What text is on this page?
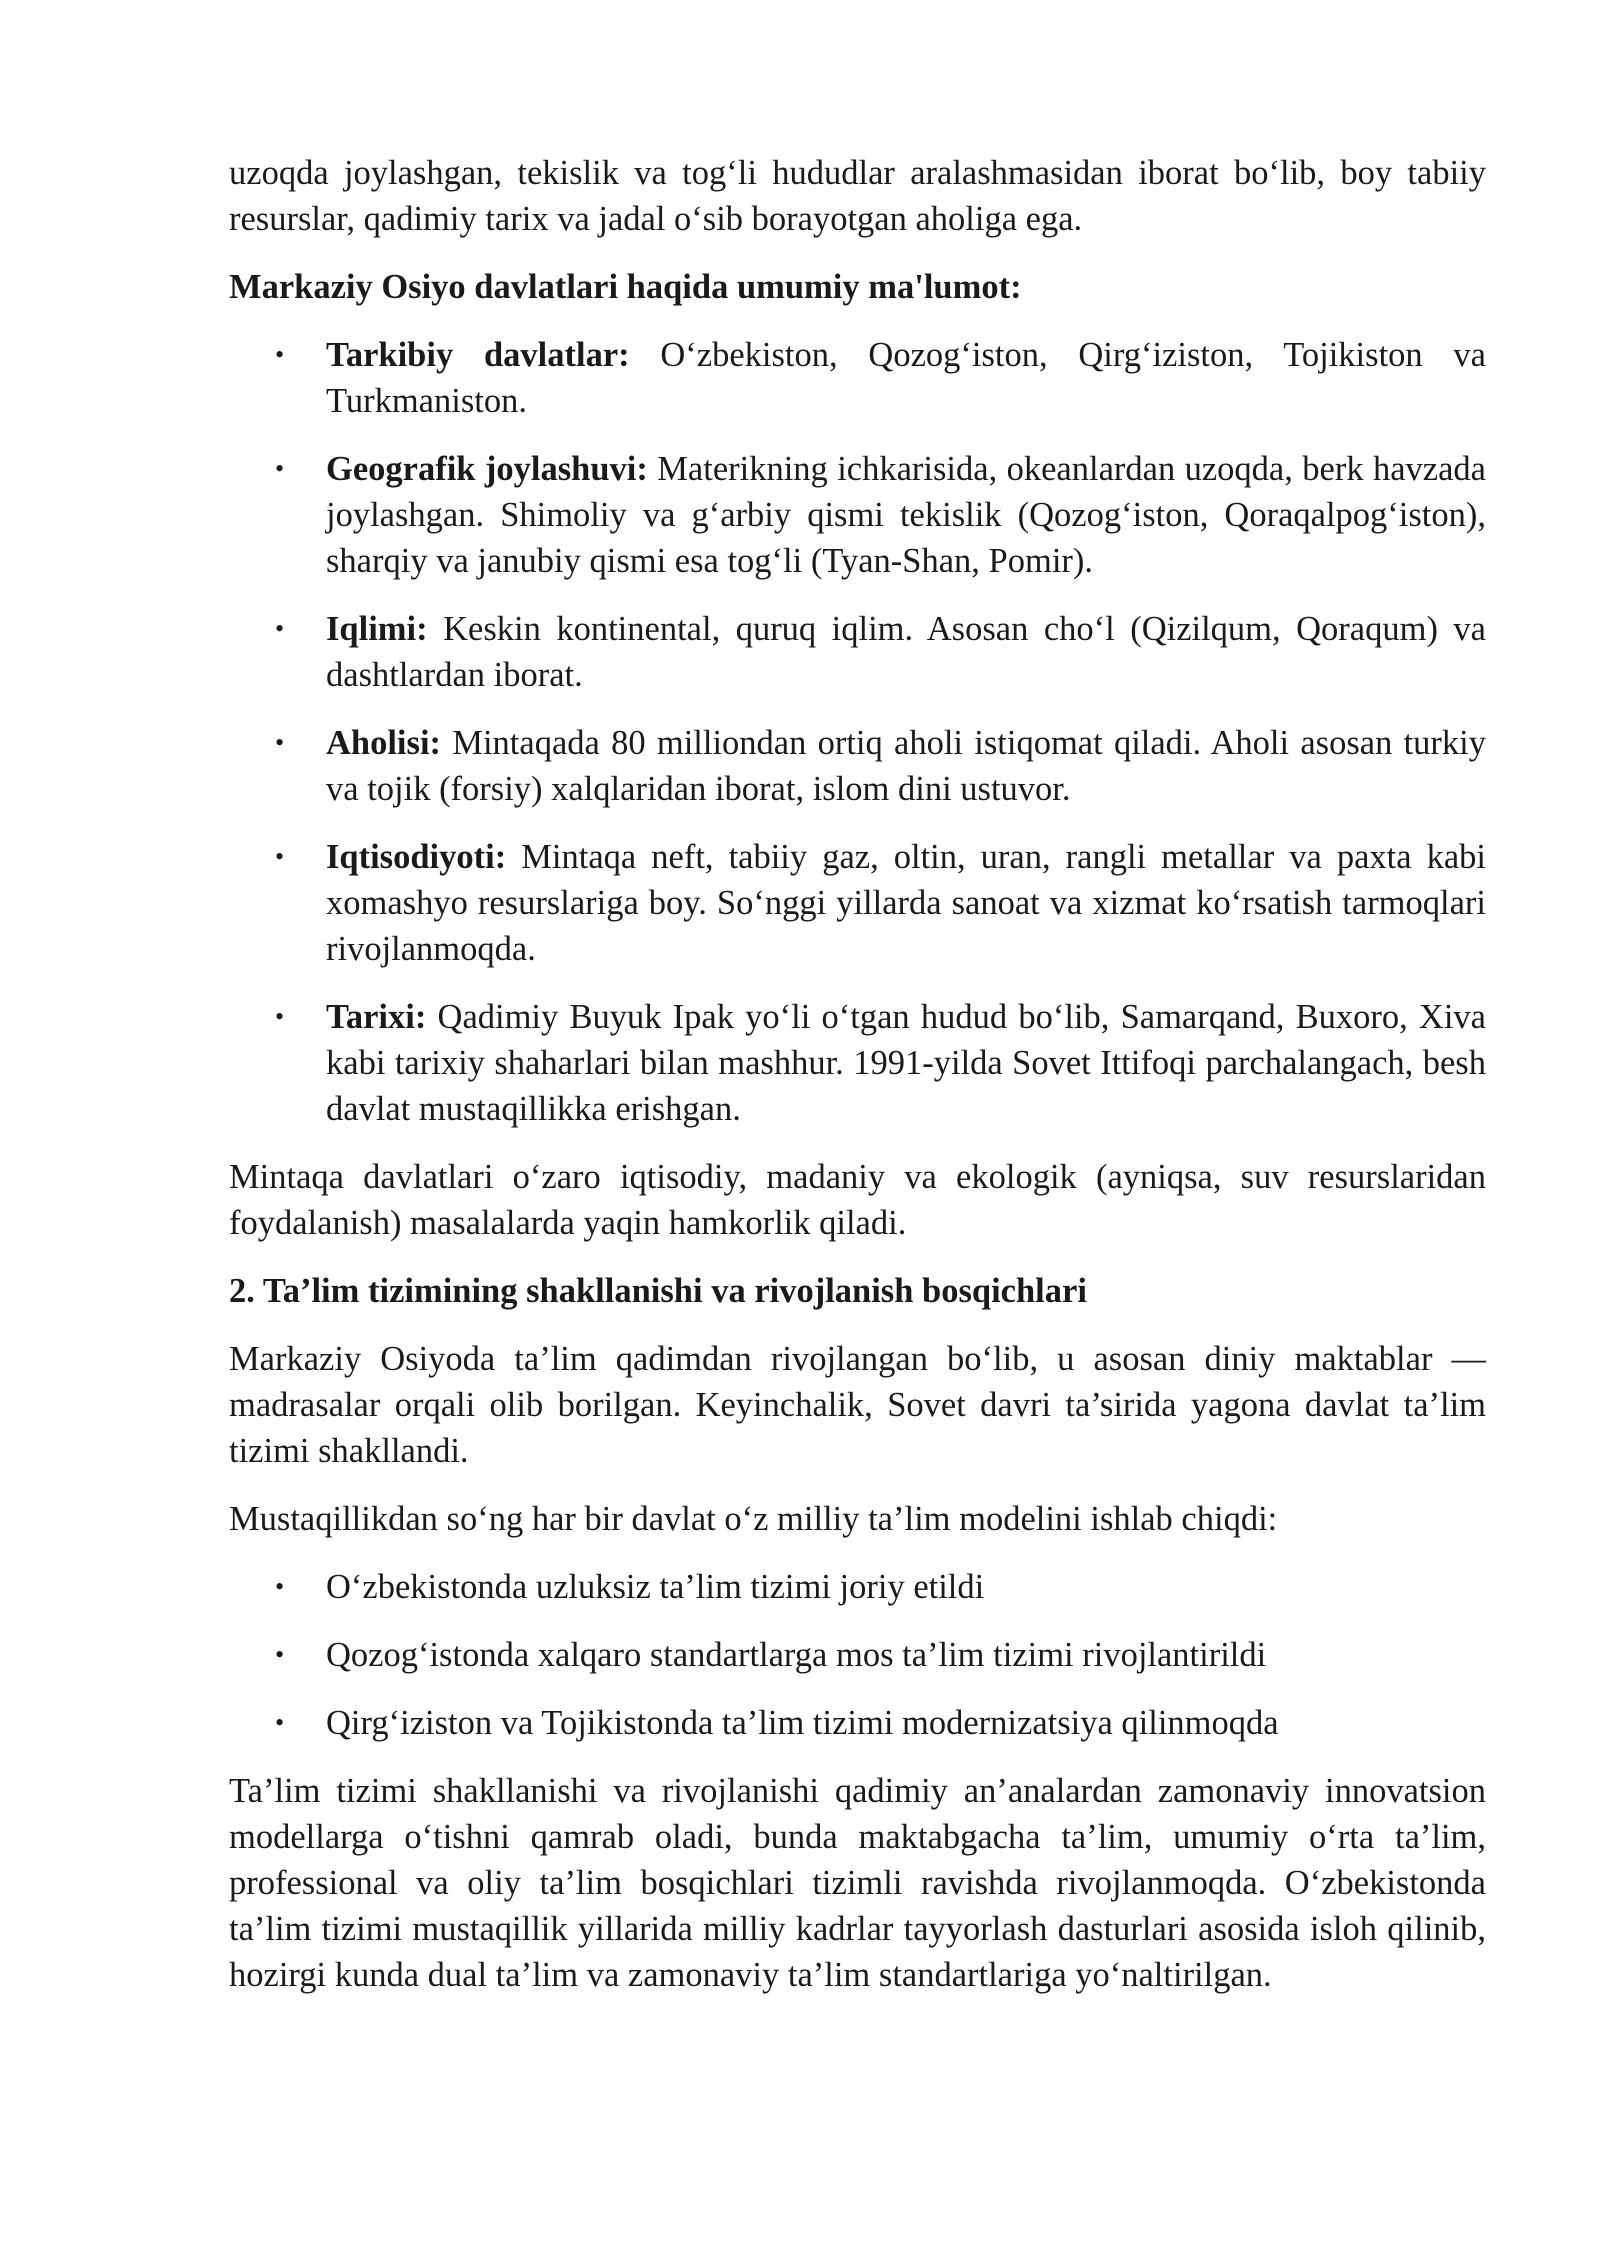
uzoqda joylashgan, tekislik va tog‘li hududlar aralashmasidan iborat bo‘lib, boy tabiiy resurslar, qadimiy tarix va jadal o‘sib borayotgan aholiga ega.

Markaziy Osiyo davlatlari haqida umumiy ma'lumot:

• Tarkibiy davlatlar: O‘zbekiston, Qozog‘iston, Qirg‘iziston, Tojikiston va Turkmaniston.
• Geografik joylashuvi: Materikning ichkarisida, okeanlardan uzoqda, berk havzada joylashgan. Shimoliy va g‘arbiy qismi tekislik (Qozog‘iston, Qoraqalpog‘iston), sharqiy va janubiy qismi esa tog‘li (Tyan-Shan, Pomir).
• Iqlimi: Keskin kontinental, quruq iqlim. Asosan cho‘l (Qizilqum, Qoraqum) va dashtlardan iborat.
• Aholisi: Mintaqada 80 milliondan ortiq aholi istiqomat qiladi. Aholi asosan turkiy va tojik (forsiy) xalqlaridan iborat, islom dini ustuvor.
• Iqtisodiyoti: Mintaqa neft, tabiiy gaz, oltin, uran, rangli metallar va paxta kabi xomashyo resurslariga boy. So‘nggi yillarda sanoat va xizmat ko‘rsatish tarmoqlari rivojlanmoqda.
• Tarixi: Qadimiy Buyuk Ipak yo‘li o‘tgan hudud bo‘lib, Samarqand, Buxoro, Xiva kabi tarixiy shaharlari bilan mashhur. 1991-yilda Sovet Ittifoqi parchalangach, besh davlat mustaqillikka erishgan.

Mintaqa davlatlari o‘zaro iqtisodiy, madaniy va ekologik (ayniqsa, suv resurslaridan foydalanish) masalalarda yaqin hamkorlik qiladi.

2. Ta’lim tizimining shakllanishi va rivojlanish bosqichlari

Markaziy Osiyoda ta’lim qadimdan rivojlangan bo‘lib, u asosan diniy maktablar — madrasalar orqali olib borilgan. Keyinchalik, Sovet davri ta’sirida yagona davlat ta’lim tizimi shakllandi.

Mustaqillikdan so‘ng har bir davlat o‘z milliy ta’lim modelini ishlab chiqdi:

• O‘zbekistonda uzluksiz ta’lim tizimi joriy etildi
• Qozog‘istonda xalqaro standartlarga mos ta’lim tizimi rivojlantirildi
• Qirg‘iziston va Tojikistonda ta’lim tizimi modernizatsiya qilinmoqda

Ta’lim tizimi shakllanishi va rivojlanishi qadimiy an’analardan zamonaviy innovatsion modellarga o‘tishni qamrab oladi, bunda maktabgacha ta’lim, umumiy o‘rta ta’lim, professional va oliy ta’lim bosqichlari tizimli ravishda rivojlanmoqda. O‘zbekistonda ta’lim tizimi mustaqillik yillarida milliy kadrlar tayyorlash dasturlari asosida isloh qilinib, hozirgi kunda dual ta’lim va zamonaviy ta’lim standartlariga yo‘naltirilgan.
